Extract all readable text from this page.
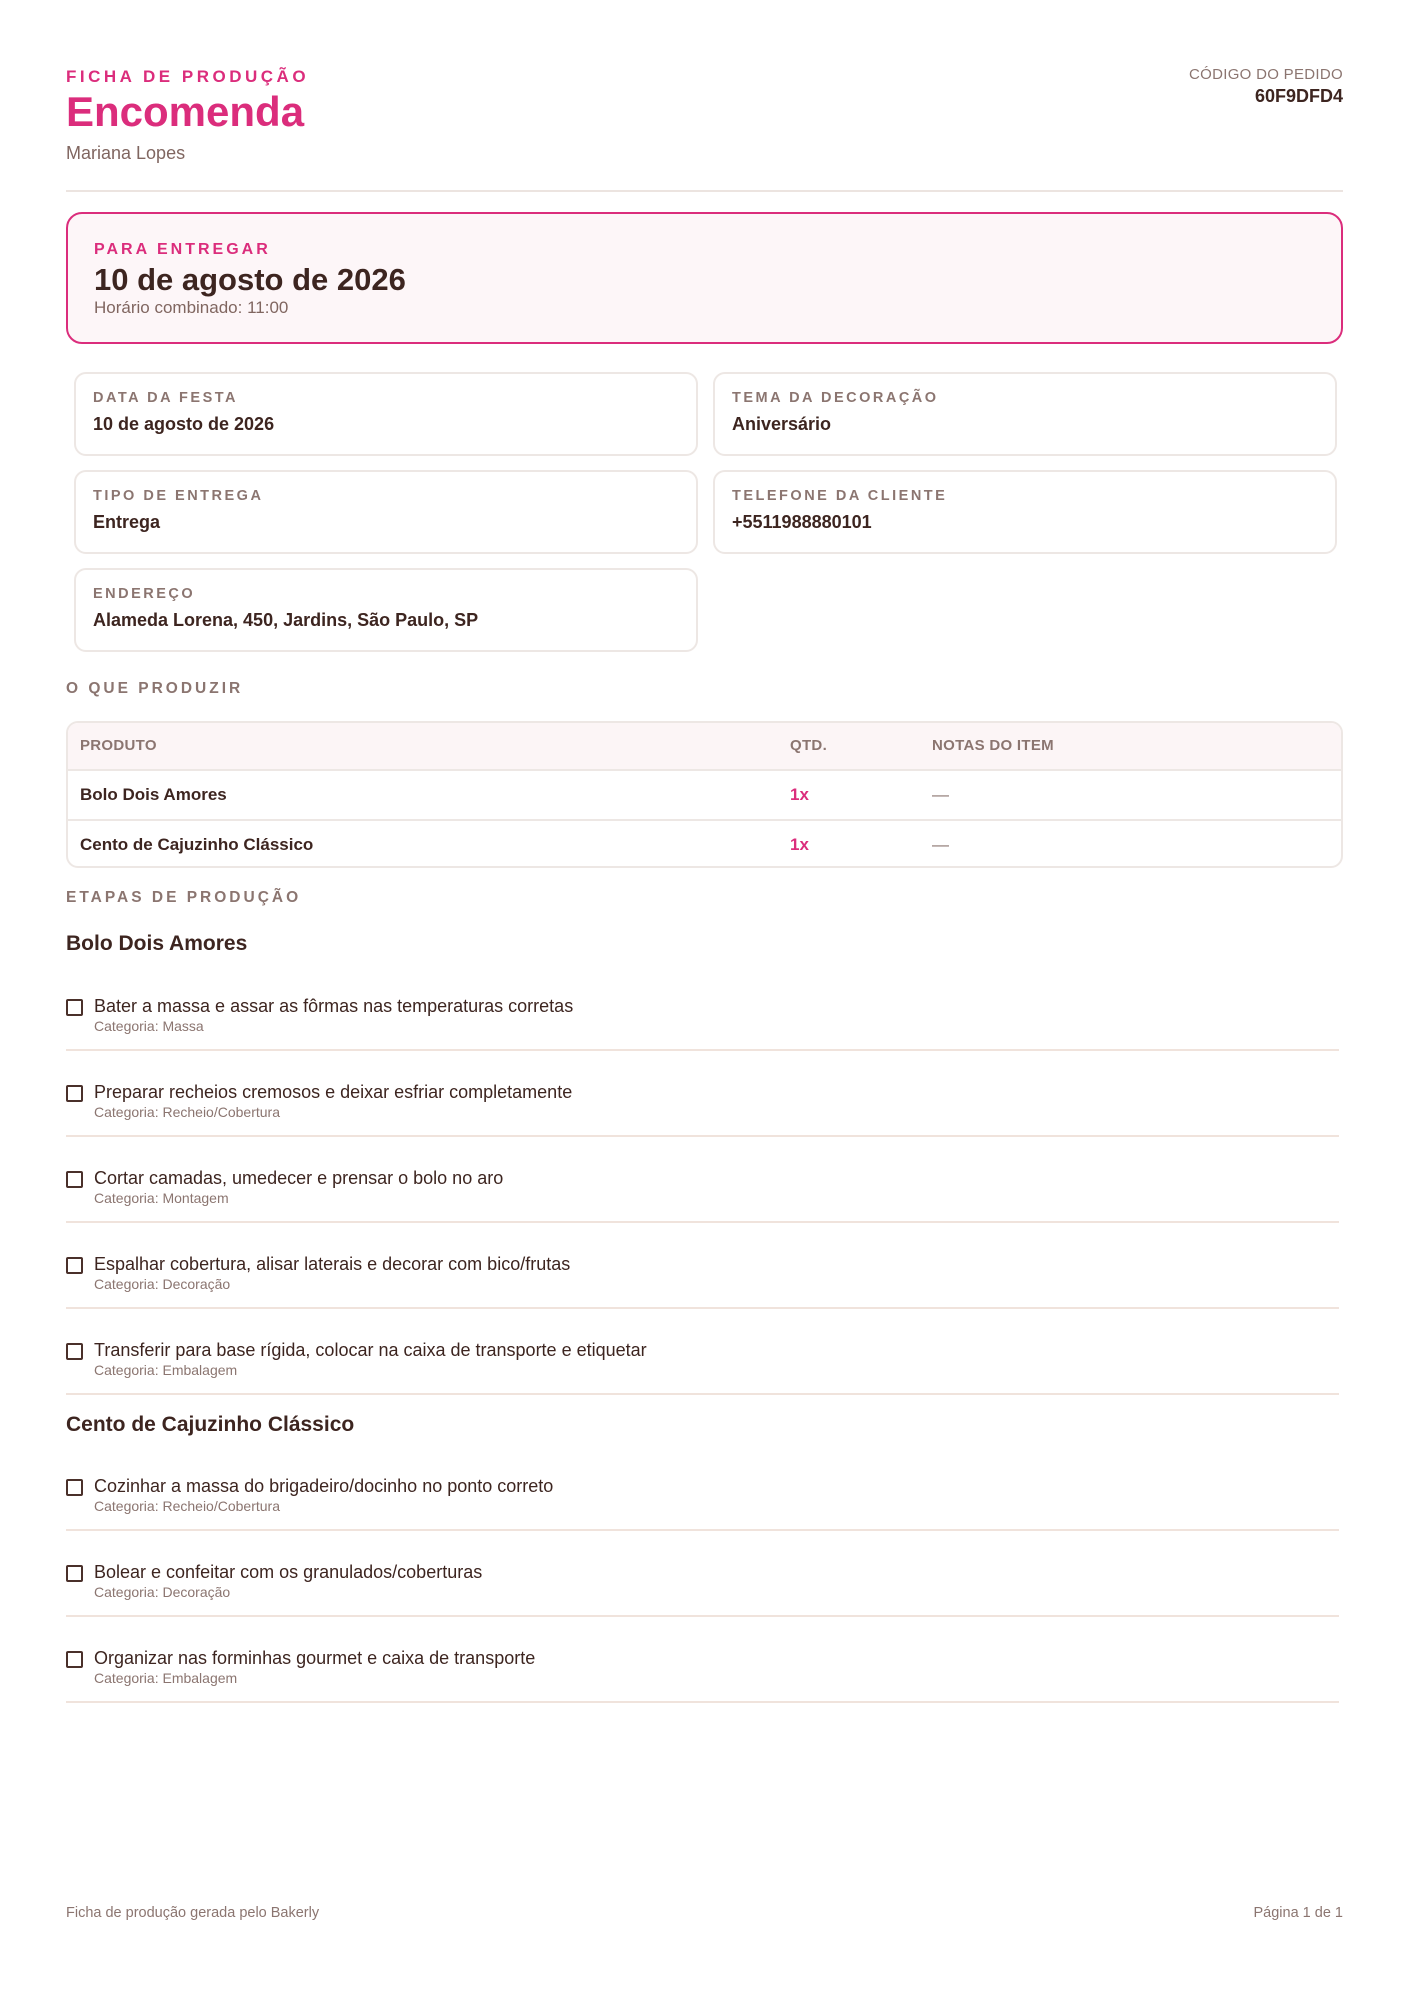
FICHA DE PRODUÇÃO
Encomenda
Mariana Lopes
CÓDIGO DO PEDIDO
60F9DFD4
PARA ENTREGAR
10 de agosto de 2026
Horário combinado: 11:00
DATA DA FESTA
10 de agosto de 2026
TEMA DA DECORAÇÃO
Aniversário
TIPO DE ENTREGA
Entrega
TELEFONE DA CLIENTE
+5511988880101
ENDEREÇO
Alameda Lorena, 450, Jardins, São Paulo, SP
O QUE PRODUZIR
PRODUTO	QTD.	NOTAS DO ITEM
Bolo Dois Amores	1x	—
Cento de Cajuzinho Clássico	1x	—
ETAPAS DE PRODUÇÃO
Bolo Dois Amores
Bater a massa e assar as fôrmas nas temperaturas corretas
Categoria: Massa
Preparar recheios cremosos e deixar esfriar completamente
Categoria: Recheio/Cobertura
Cortar camadas, umedecer e prensar o bolo no aro
Categoria: Montagem
Espalhar cobertura, alisar laterais e decorar com bico/frutas
Categoria: Decoração
Transferir para base rígida, colocar na caixa de transporte e etiquetar
Categoria: Embalagem
Cento de Cajuzinho Clássico
Cozinhar a massa do brigadeiro/docinho no ponto correto
Categoria: Recheio/Cobertura
Bolear e confeitar com os granulados/coberturas
Categoria: Decoração
Organizar nas forminhas gourmet e caixa de transporte
Categoria: Embalagem
Ficha de produção gerada pelo Bakerly	Página 1 de 1
